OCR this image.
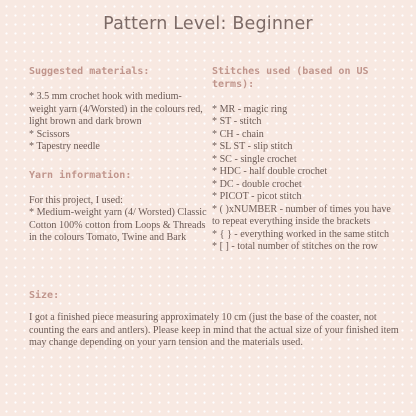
Pattern Level: Beginner
Suggested materials:
* 3.5 mm crochet hook with medium-weight yarn (4/Worsted) in the colours red, light brown and dark brown
* Scissors
* Tapestry needle
Yarn information:
For this project, I used:
* Medium-weight yarn (4/ Worsted) Classic Cotton 100% cotton from Loops & Threads in the colours Tomato, Twine and Bark
Stitches used (based on US terms):
* MR - magic ring
* ST - stitch
* CH - chain
* SL ST - slip stitch
* SC - single crochet
* HDC - half double crochet
* DC - double crochet
* PICOT - picot stitch
* ( )xNUMBER - number of times you have to repeat everything inside the brackets
* { } - everything worked in the same stitch
* [ ] - total number of stitches on the row
Size:
I got a finished piece measuring approximately 10 cm (just the base of the coaster, not counting the ears and antlers). Please keep in mind that the actual size of your finished item may change depending on your yarn tension and the materials used.
